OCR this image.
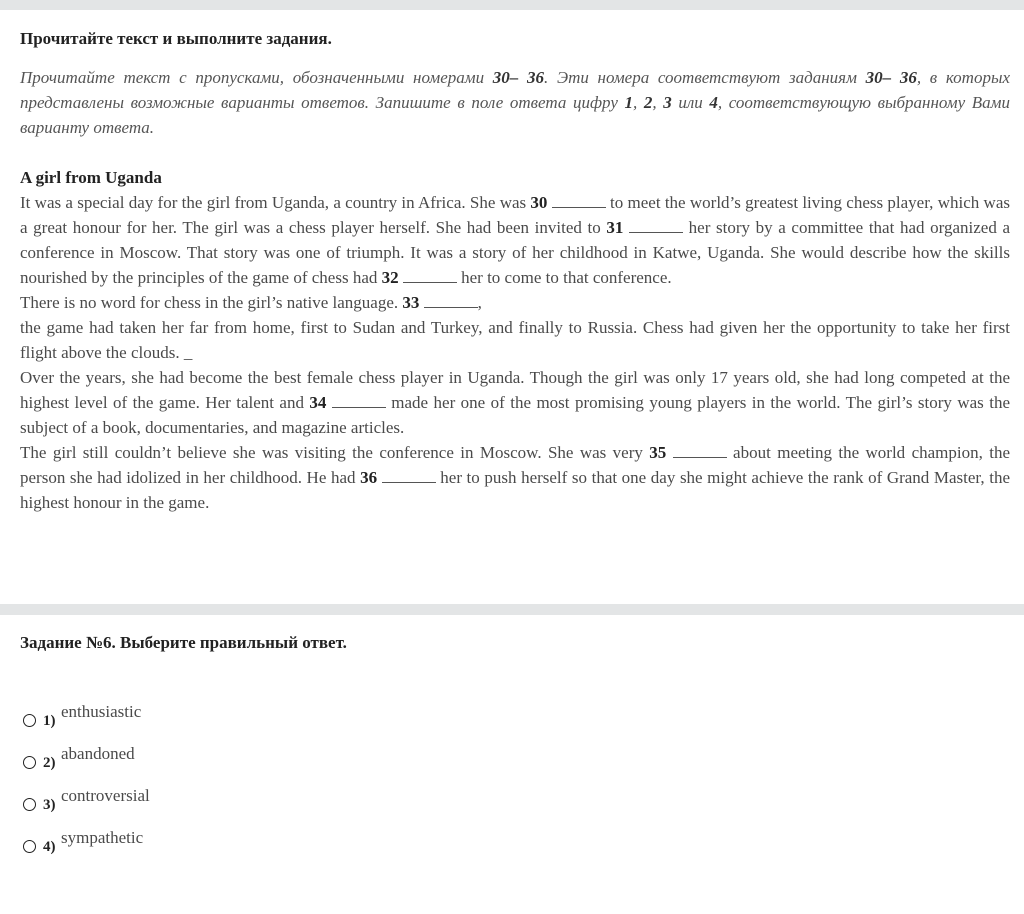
Прочитайте текст и выполните задания.
Прочитайте текст с пропусками, обозначенными номерами 30– 36. Эти номера соответствуют заданиям 30– 36, в которых представлены возможные варианты ответов. Запишите в поле ответа цифру 1, 2, 3 или 4, соответствующую выбранному Вами варианту ответа.

A girl from Uganda

It was a special day for the girl from Uganda, a country in Africa. She was 30	to meet the world’s greatest living chess player, which was a great honour for her. The girl was a chess player herself. She had been invited to 31	her story by a committee that had organized a conference in Moscow. That story was one of triumph. It was a story of her childhood in Katwe, Uganda. She would describe how the skills nourished by the principles of the game of chess had 32	her to come to that conference.

There is no word for chess in the girl’s native language. 33	,

the game had taken her far from home, first to Sudan and Turkey, and finally to Russia. Chess had given her the opportunity to take her first flight above the clouds. _

Over the years, she had become the best female chess player in Uganda. Though the girl was only 17 years old, she had long competed at the highest level of the game. Her talent and 34	made her one of the most promising young players in the world. The girl’s story was the subject of a book, documentaries, and magazine articles.

The girl still couldn’t believe she was visiting the conference in Moscow. She was very 35	about meeting the world champion, the person she had idolized in her childhood. He had 36	her to push herself so that one day she might achieve the rank of Grand Master, the highest honour in the game.

Задание №6. Выберите правильный ответ.
1) enthusiastic
2) abandoned
3) controversial
4) sympathetic
